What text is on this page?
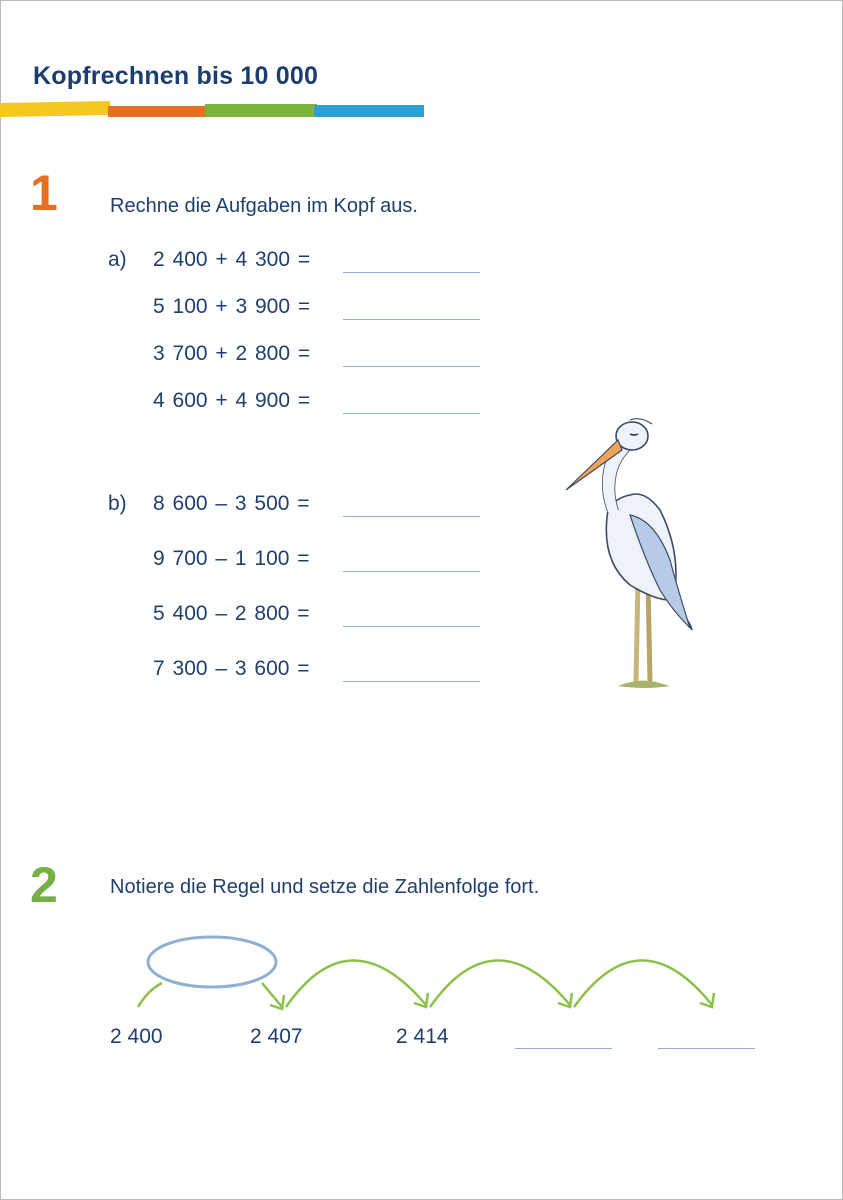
Kopfrechnen bis 10 000
1	Rechne die Aufgaben im Kopf aus.
a) 2 400 + 4 300 =
5 100 + 3 900 =
3 700 + 2 800 =
4 600 + 4 900 =
b) 8 600 – 3 500 =
9 700 – 1 100 =
5 400 – 2 800 =
7 300 – 3 600 =
2	Notiere die Regel und setze die Zahlenfolge fort.
2 400	2 407	2 414
